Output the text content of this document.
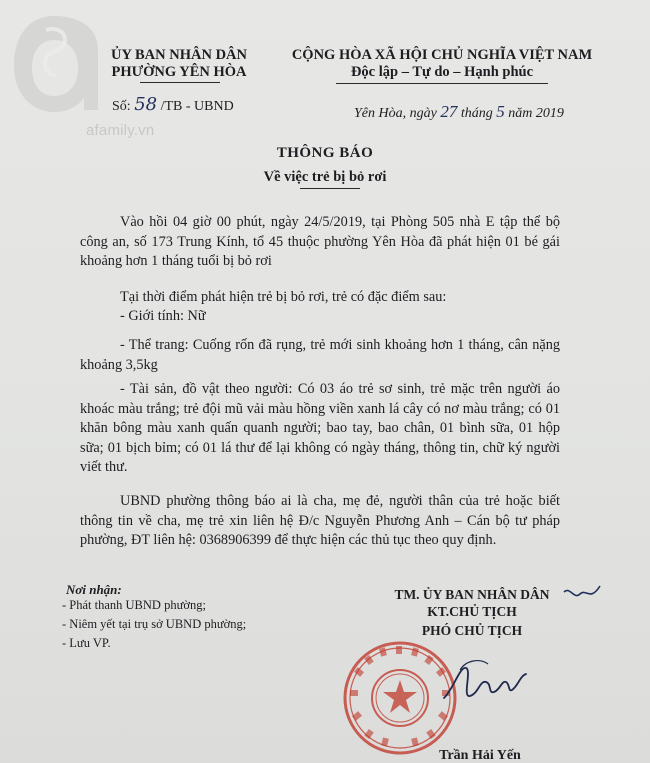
afamily.vn
ỦY BAN NHÂN DÂN
PHƯỜNG YÊN HÒA
CỘNG HÒA XÃ HỘI CHỦ NGHĨA VIỆT NAM
Độc lập – Tự do – Hạnh phúc
Số: 58 /TB - UBND	Yên Hòa, ngày 27 tháng 5 năm 2019
THÔNG BÁO
Về việc trẻ bị bỏ rơi
Vào hồi 04 giờ 00 phút, ngày 24/5/2019, tại Phòng 505 nhà E tập thể bộ công an, số 173 Trung Kính, tổ 45 thuộc phường Yên Hòa đã phát hiện 01 bé gái khoảng hơn 1 tháng tuổi bị bỏ rơi
Tại thời điểm phát hiện trẻ bị bỏ rơi, trẻ có đặc điểm sau:
- Giới tính: Nữ
- Thể trang: Cuống rốn đã rụng, trẻ mới sinh khoảng hơn 1 tháng, cân nặng khoảng 3,5kg
- Tài sản, đồ vật theo người: Có 03 áo trẻ sơ sinh, trẻ mặc trên người áo khoác màu trắng; trẻ đội mũ vải màu hồng viền xanh lá cây có nơ màu trắng; có 01 khăn bông màu xanh quấn quanh người; bao tay, bao chân, 01 bình sữa, 01 hộp sữa; 01 bịch bỉm; có 01 lá thư để lại không có ngày tháng, thông tin, chữ ký người viết thư.
UBND phường thông báo ai là cha, mẹ đẻ, người thân của trẻ hoặc biết thông tin về cha, mẹ trẻ xin liên hệ Đ/c Nguyễn Phương Anh – Cán bộ tư pháp phường, ĐT liên hệ: 0368906399 để thực hiện các thủ tục theo quy định.
Nơi nhận:
- Phát thanh UBND phường;
- Niêm yết tại trụ sở UBND phường;
- Lưu VP.
TM. ỦY BAN NHÂN DÂN
KT.CHỦ TỊCH
PHÓ CHỦ TỊCH
Trần Hải Yến
